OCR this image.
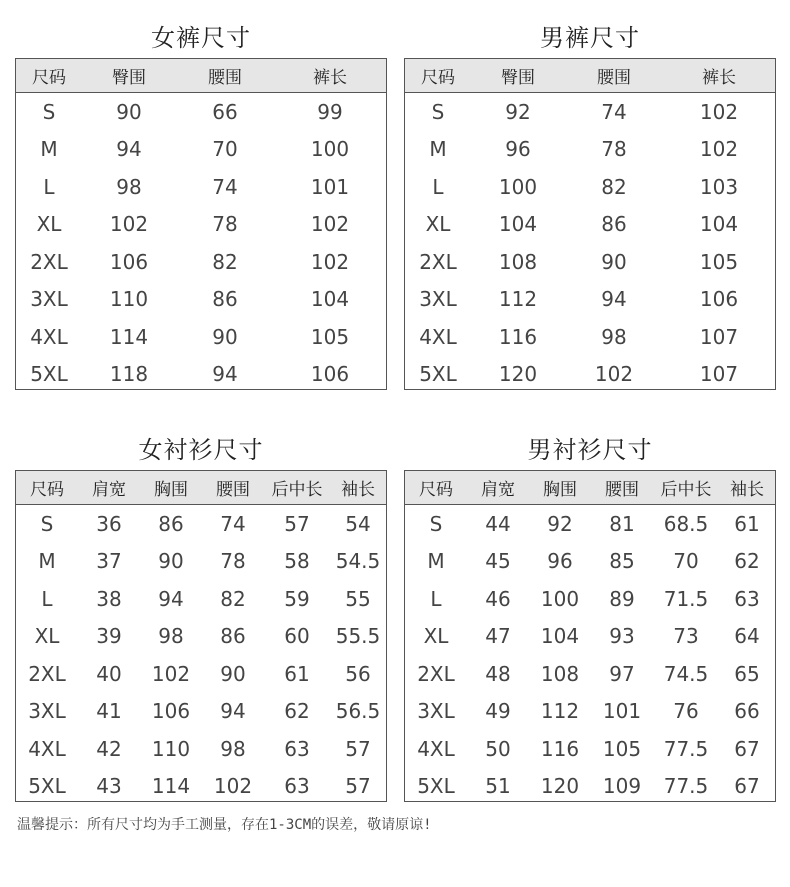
女裤尺寸
尺码	臀围	腰围	裤长
S	90	66	99
M	94	70	100
L	98	74	101
XL	102	78	102
2XL	106	82	102
3XL	110	86	104
4XL	114	90	105
5XL	118	94	106
男裤尺寸
尺码	臀围	腰围	裤长
S	92	74	102
M	96	78	102
L	100	82	103
XL	104	86	104
2XL	108	90	105
3XL	112	94	106
4XL	116	98	107
5XL	120	102	107
女衬衫尺寸
尺码	肩宽	胸围	腰围	后中长	袖长
S	36	86	74	57	54
M	37	90	78	58	54.5
L	38	94	82	59	55
XL	39	98	86	60	55.5
2XL	40	102	90	61	56
3XL	41	106	94	62	56.5
4XL	42	110	98	63	57
5XL	43	114	102	63	57
男衬衫尺寸
尺码	肩宽	胸围	腰围	后中长	袖长
S	44	92	81	68.5	61
M	45	96	85	70	62
L	46	100	89	71.5	63
XL	47	104	93	73	64
2XL	48	108	97	74.5	65
3XL	49	112	101	76	66
4XL	50	116	105	77.5	67
5XL	51	120	109	77.5	67
温馨提示：所有尺寸均为手工测量，存在1-3CM的误差，敬请原谅!
